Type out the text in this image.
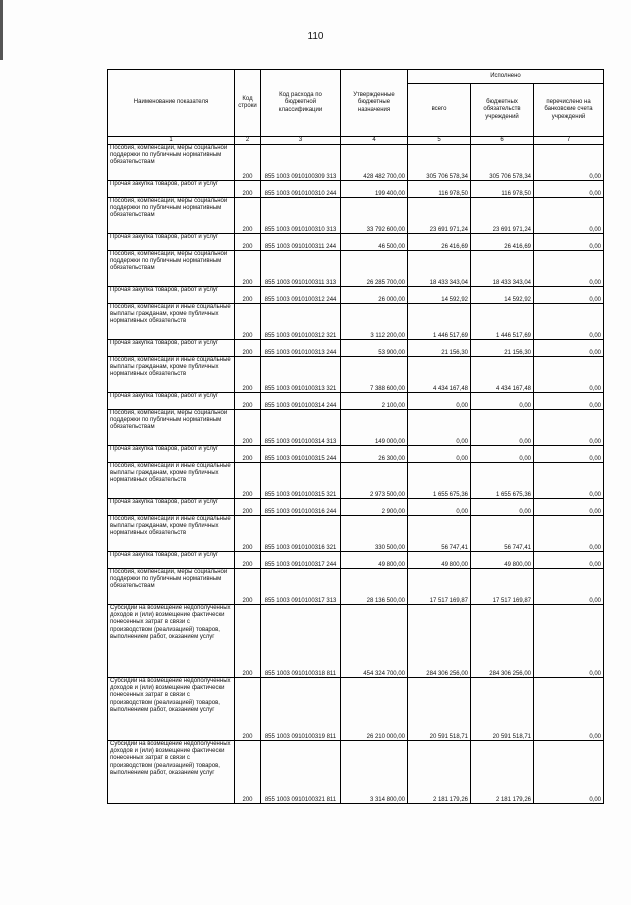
110
Наименование показателя	Код строки	Код расхода по бюджетной классификации	Утвержденные бюджетные назначения	Исполнено		
				всего	бюджетных обязательств учреждений	перечислено на банковские счета учреждений
1	2	3	4	5	6	7
Пособия, компенсации, меры социальной поддержки по публичным нормативным обязательствам	200	855 1003 0910100309 313	428 482 700,00	305 706 578,34	305 706 578,34	0,00
Прочая закупка товаров, работ и услуг	200	855 1003 0910100310 244	199 400,00	116 978,50	116 978,50	0,00
Пособия, компенсации, меры социальной поддержки по публичным нормативным обязательствам	200	855 1003 0910100310 313	33 792 600,00	23 691 971,24	23 691 971,24	0,00
Прочая закупка товаров, работ и услуг	200	855 1003 0910100311 244	46 500,00	26 416,69	26 416,69	0,00
Пособия, компенсации, меры социальной поддержки по публичным нормативным обязательствам	200	855 1003 0910100311 313	26 285 700,00	18 433 343,04	18 433 343,04	0,00
Прочая закупка товаров, работ и услуг	200	855 1003 0910100312 244	26 000,00	14 592,92	14 592,92	0,00
Пособия, компенсации и иные социальные выплаты гражданам, кроме публичных нормативных обязательств	200	855 1003 0910100312 321	3 112 200,00	1 446 517,69	1 446 517,69	0,00
Прочая закупка товаров, работ и услуг	200	855 1003 0910100313 244	53 900,00	21 156,30	21 156,30	0,00
Пособия, компенсации и иные социальные выплаты гражданам, кроме публичных нормативных обязательств	200	855 1003 0910100313 321	7 388 600,00	4 434 167,48	4 434 167,48	0,00
Прочая закупка товаров, работ и услуг	200	855 1003 0910100314 244	2 100,00	0,00	0,00	0,00
Пособия, компенсации, меры социальной поддержки по публичным нормативным обязательствам	200	855 1003 0910100314 313	149 000,00	0,00	0,00	0,00
Прочая закупка товаров, работ и услуг	200	855 1003 0910100315 244	26 300,00	0,00	0,00	0,00
Пособия, компенсации и иные социальные выплаты гражданам, кроме публичных нормативных обязательств	200	855 1003 0910100315 321	2 973 500,00	1 655 675,36	1 655 675,36	0,00
Прочая закупка товаров, работ и услуг	200	855 1003 0910100316 244	2 900,00	0,00	0,00	0,00
Пособия, компенсации и иные социальные выплаты гражданам, кроме публичных нормативных обязательств	200	855 1003 0910100316 321	330 500,00	56 747,41	56 747,41	0,00
Прочая закупка товаров, работ и услуг	200	855 1003 0910100317 244	49 800,00	49 800,00	49 800,00	0,00
Пособия, компенсации, меры социальной поддержки по публичным нормативным обязательствам	200	855 1003 0910100317 313	28 136 500,00	17 517 169,87	17 517 169,87	0,00
Субсидии на возмещение недополученных доходов и (или) возмещение фактически понесенных затрат в связи с производством (реализацией) товаров, выполнением работ, оказанием услуг	200	855 1003 0910100318 811	454 324 700,00	284 306 256,00	284 306 256,00	0,00
Субсидии на возмещение недополученных доходов и (или) возмещение фактически понесенных затрат в связи с производством (реализацией) товаров, выполнением работ, оказанием услуг	200	855 1003 0910100319 811	26 210 000,00	20 591 518,71	20 591 518,71	0,00
Субсидии на возмещение недополученных доходов и (или) возмещение фактически понесенных затрат в связи с производством (реализацией) товаров, выполнением работ, оказанием услуг	200	855 1003 0910100321 811	3 314 800,00	2 181 179,26	2 181 179,26	0,00
